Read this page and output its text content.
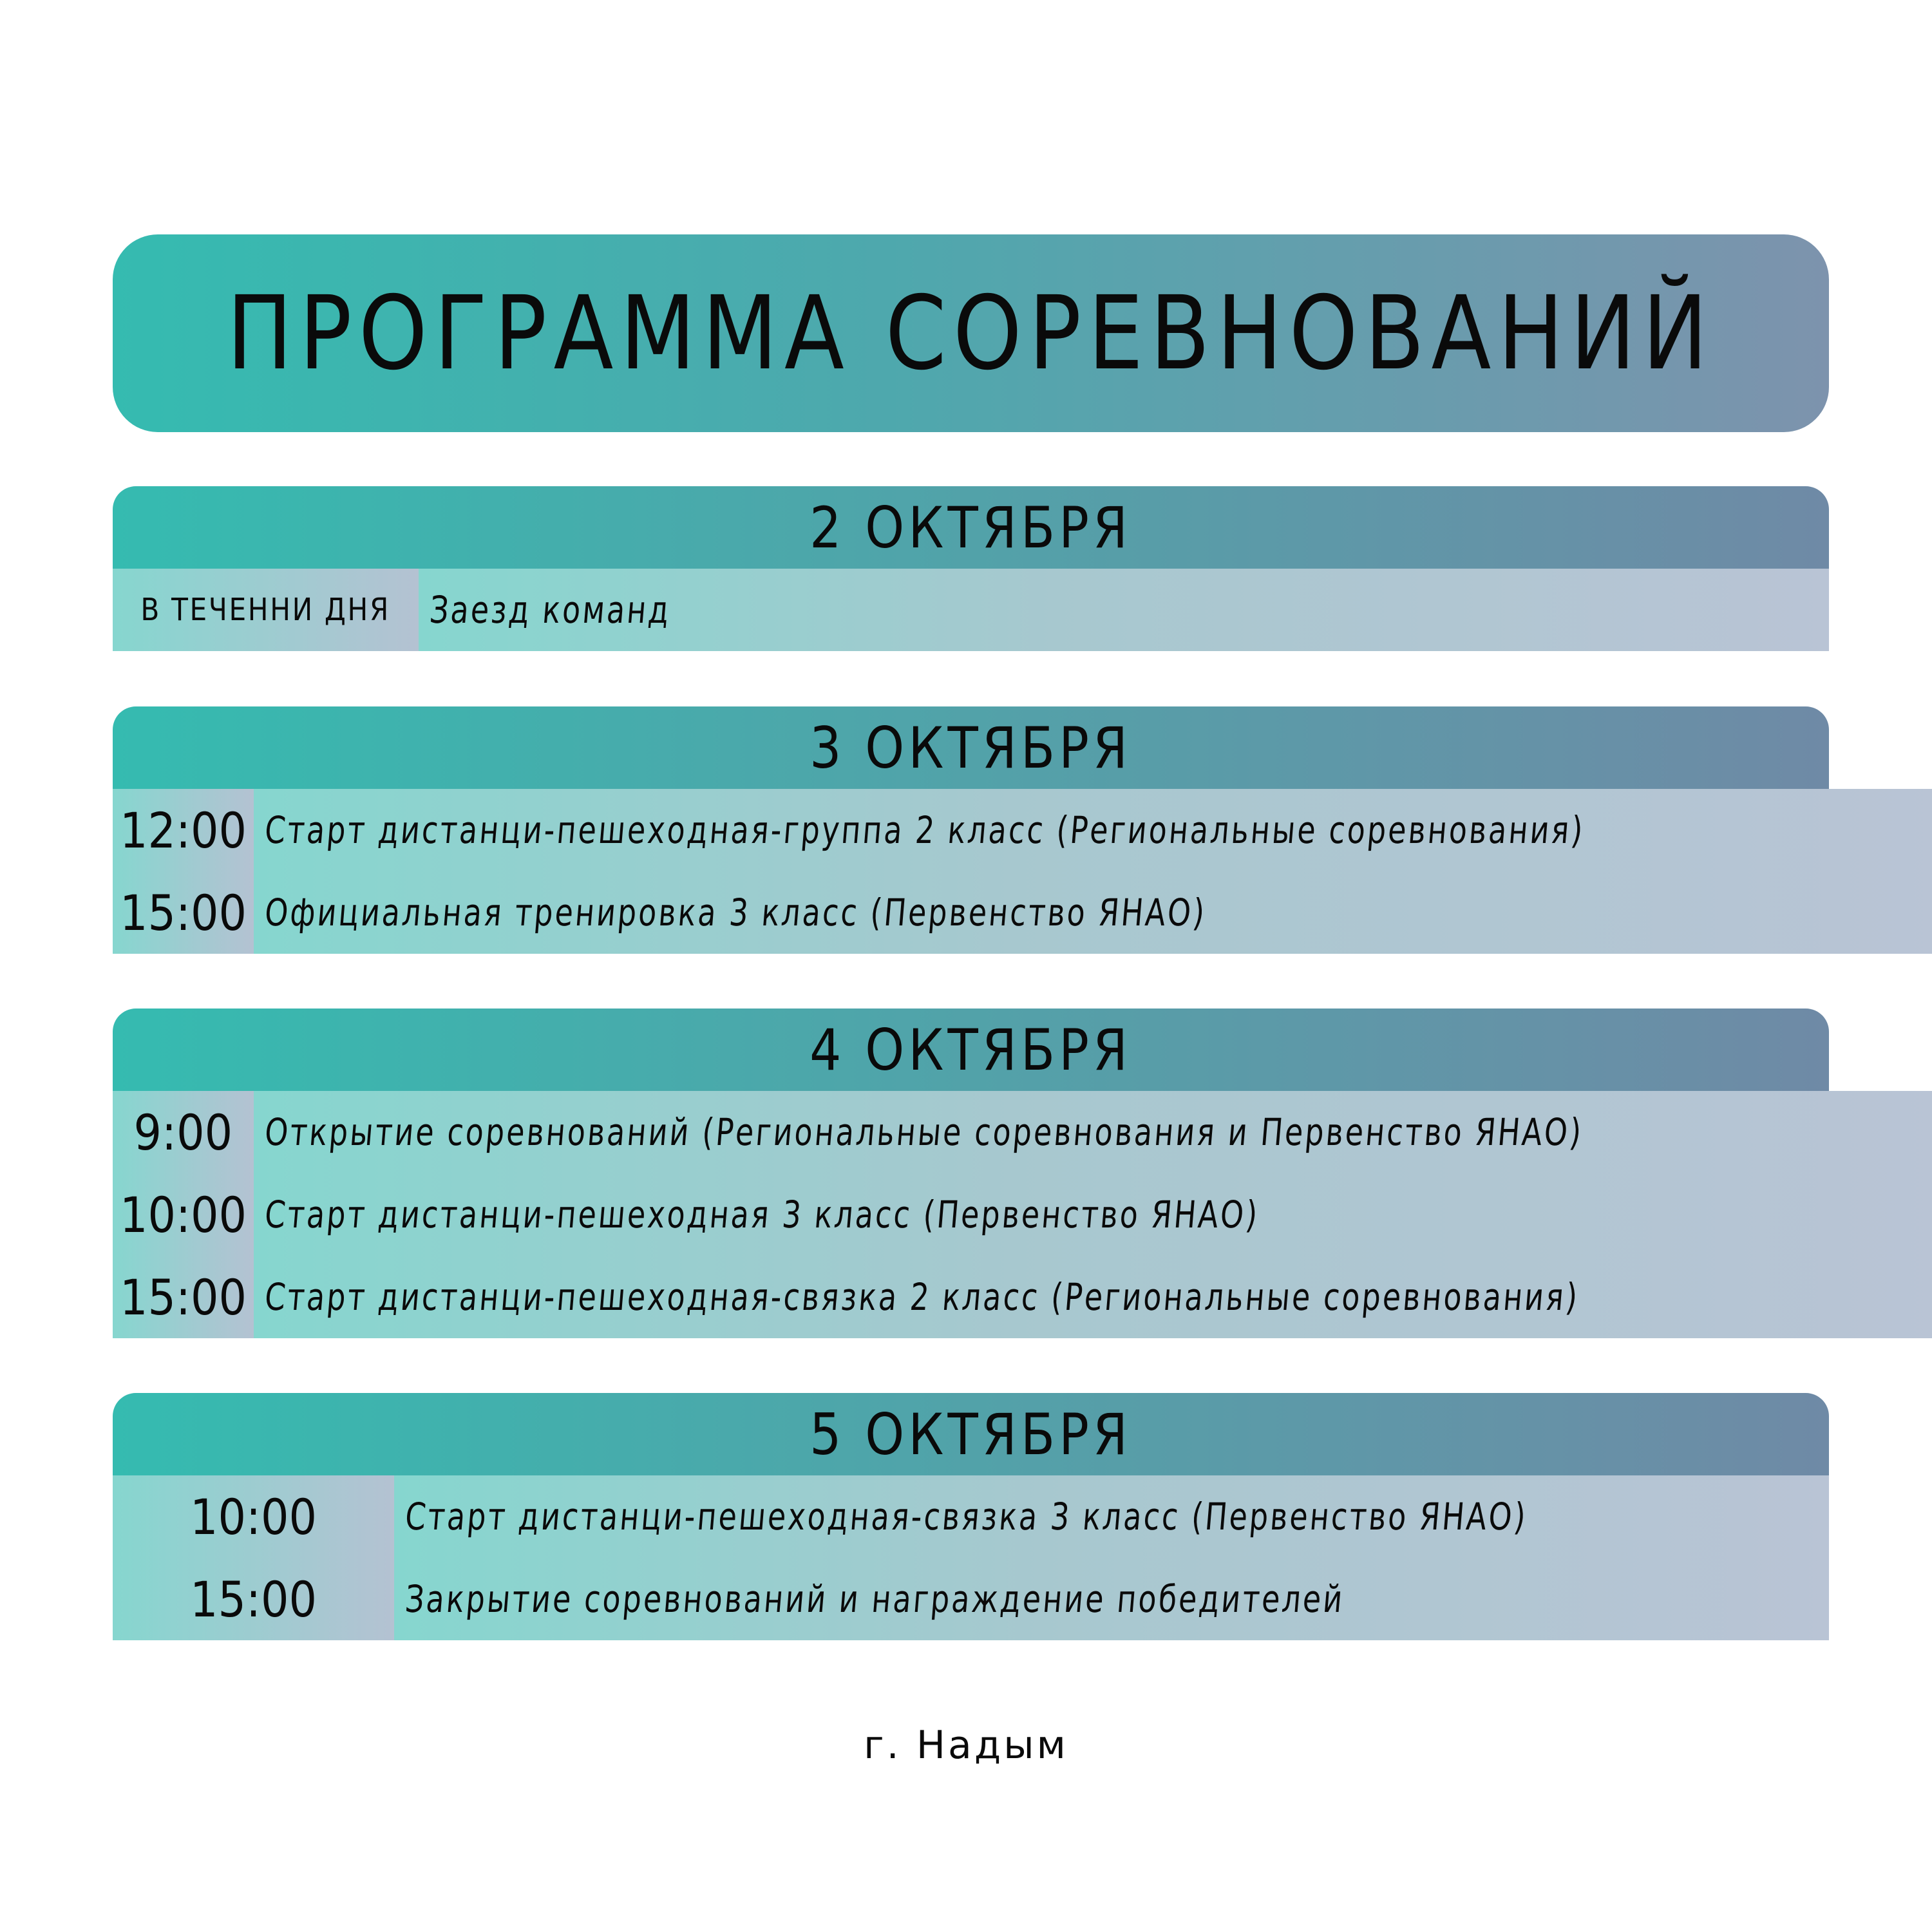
ПРОГРАММА СОРЕВНОВАНИЙ
2 ОКТЯБРЯ
В ТЕЧЕННИ ДНЯ Заезд команд
3 ОКТЯБРЯ
12:00
15:00
Старт дистанци-пешеходная-группа 2 класс (Региональные соревнования)
Официальная тренировка 3 класс (Первенство ЯНАО)
4 ОКТЯБРЯ
9:00
10:00
15:00
Открытие соревнований (Региональные соревнования и Первенство ЯНАО)
Старт дистанци-пешеходная 3 класс (Первенство ЯНАО)
Старт дистанци-пешеходная-связка 2 класс (Региональные соревнования)
5 ОКТЯБРЯ
10:00
15:00
Старт дистанци-пешеходная-связка 3 класс (Первенство ЯНАО)
Закрытие соревнований и награждение победителей
г. Надым
